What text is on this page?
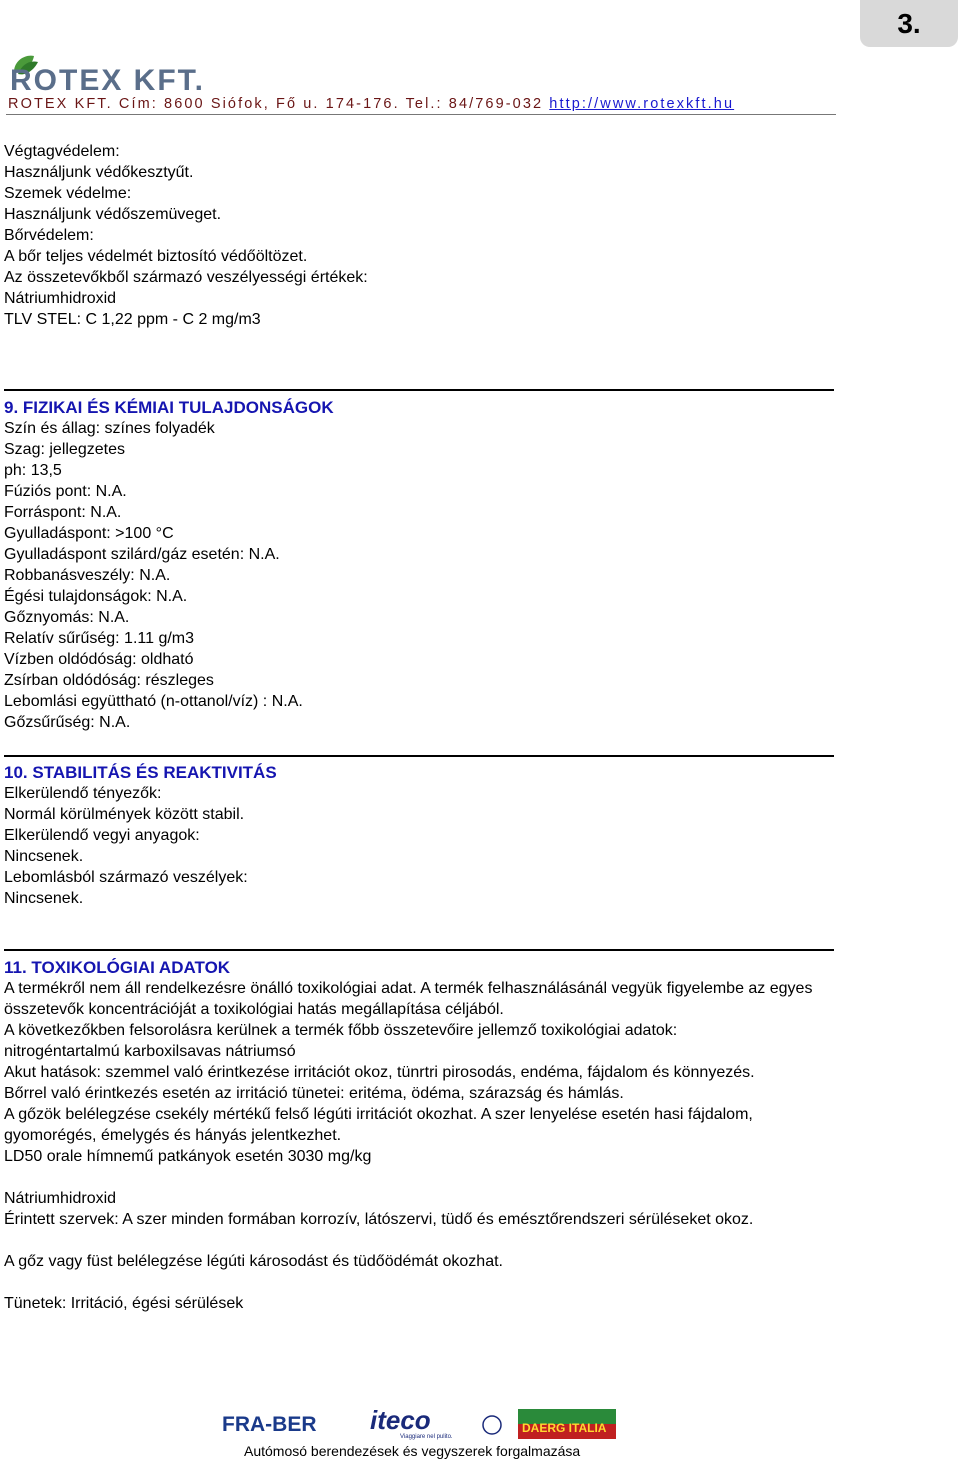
3.
ROTEX KFT.
ROTEX KFT. Cím: 8600 Siófok, Fő u. 174-176. Tel.: 84/769-032 http://www.rotexkft.hu

Végtagvédelem:

Használjunk védőkesztyűt.

Szemek védelme:

Használjunk védőszemüveget.

Bőrvédelem:

A bőr teljes védelmét biztosító védőöltözet.

Az összetevőkből származó veszélyességi értékek:

Nátriumhidroxid

TLV STEL: C 1,22 ppm - C 2 mg/m3

9. FIZIKAI ÉS KÉMIAI TULAJDONSÁGOK

Szín és állag: színes folyadék

Szag: jellegzetes

ph: 13,5

Fúziós pont: N.A.

Forráspont: N.A.

Gyulladáspont: >100 °C

Gyulladáspont szilárd/gáz esetén: N.A.

Robbanásveszély: N.A.

Égési tulajdonságok: N.A.

Gőznyomás: N.A.

Relatív sűrűség: 1.11 g/m3

Vízben oldódóság: oldható

Zsírban oldódóság: részleges

Lebomlási együttható (n-ottanol/víz) : N.A.

Gőzsűrűség: N.A.

10. STABILITÁS ÉS REAKTIVITÁS

Elkerülendő tényezők:

Normál körülmények között stabil.

Elkerülendő vegyi anyagok:

Nincsenek.

Lebomlásból származó veszélyek:

Nincsenek.

11. TOXIKOLÓGIAI ADATOK

A termékről nem áll rendelkezésre önálló toxikológiai adat. A termék felhasználásánál vegyük figyelembe az egyes összetevők koncentrációját a toxikológiai hatás megállapítása céljából.

A következőkben felsorolásra kerülnek a termék főbb összetevőire jellemző toxikológiai adatok:

nitrogéntartalmú karboxilsavas nátriumsó

Akut hatások: szemmel való érintkezése irritációt okoz, tünrtri pirosodás, endéma, fájdalom és könnyezés.

Bőrrel való érintkezés esetén az irritáció tünetei: eritéma, ödéma, szárazság és hámlás.

A gőzök belélegzése csekély mértékű felső légúti irritációt okozhat. A szer lenyelése esetén hasi fájdalom, gyomorégés, émelygés és hányás jelentkezhet.

LD50 orale hímnemű patkányok esetén 3030 mg/kg

Nátriumhidroxid

Érintett szervek: A szer minden formában korrozív, látószervi, tüdő és emésztőrendszeri sérüléseket okoz.

A gőz vagy füst belélegzése légúti károsodást és tüdőödémát okozhat.

Tünetek: Irritáció, égési sérülések

FRA-BER iteco
Viaggiare nel pulito.
DAERG ITALIA
Autómosó berendezések és vegyszerek forgalmazása
